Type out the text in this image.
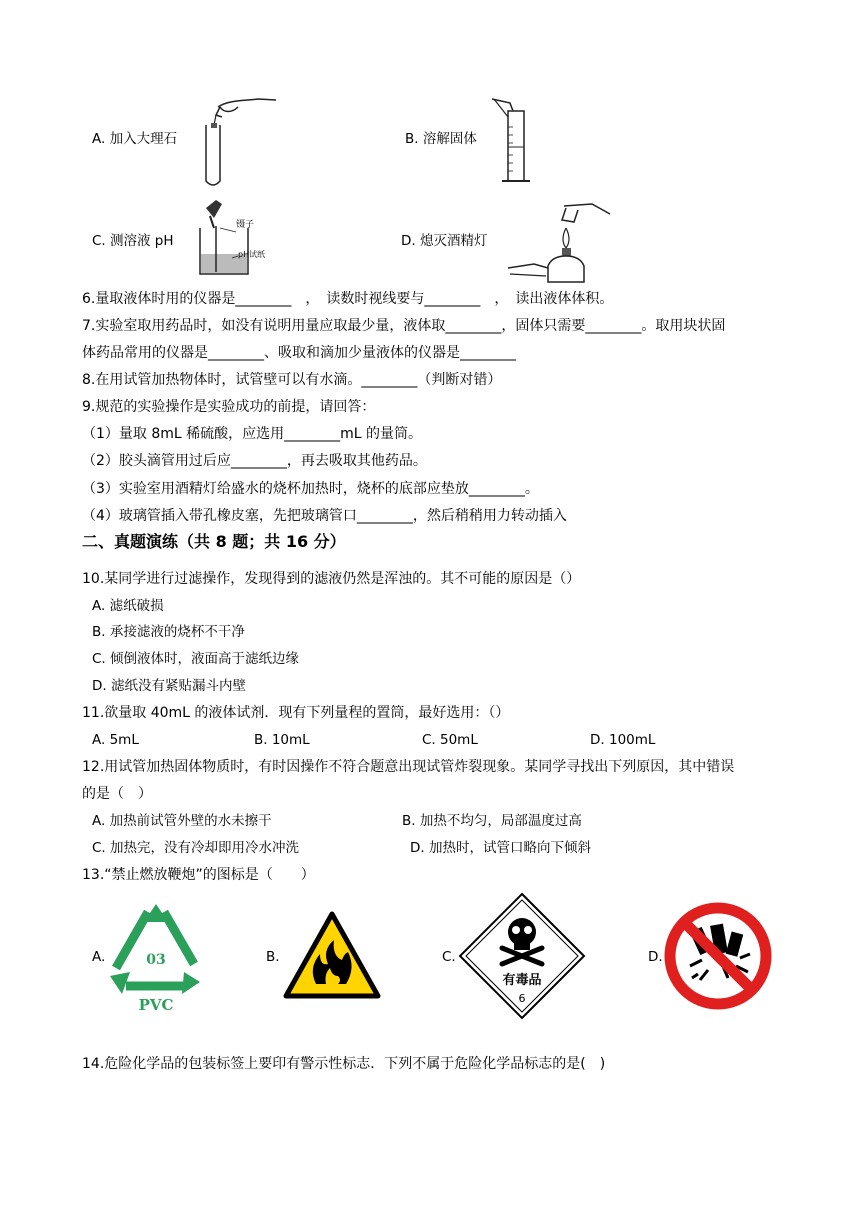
A. 加入大理石	B. 溶解固体
C. 测溶液 pH
镊子
pH试纸
D. 熄灭酒精灯
6.量取液体时用的仪器是________　，　读数时视线要与________　，　读出液体体积。
7.实验室取用药品时，如没有说明用量应取最少量，液体取________，固体只需要________。取用块状固
体药品常用的仪器是________、吸取和滴加少量液体的仪器是________
8.在用试管加热物体时，试管壁可以有水滴。________（判断对错）
9.规范的实验操作是实验成功的前提，请回答：
（1）量取 8mL 稀硫酸，应选用________mL 的量筒。
（2）胶头滴管用过后应________，再去吸取其他药品。
（3）实验室用酒精灯给盛水的烧杯加热时，烧杯的底部应垫放________。
（4）玻璃管插入带孔橡皮塞，先把玻璃管口________，然后稍稍用力转动插入
二、真题演练（共 8 题；共 16 分）
10.某同学进行过滤操作，发现得到的滤液仍然是浑浊的。其不可能的原因是（）
A. 滤纸破损
B. 承接滤液的烧杯不干净
C. 倾倒液体时，液面高于滤纸边缘
D. 滤纸没有紧贴漏斗内壁
11.欲量取 40mL 的液体试剂．现有下列量程的置筒，最好选用：（）
A. 5mL	B. 10mL	C. 50mL	D. 100mL
12.用试管加热固体物质时，有时因操作不符合题意出现试管炸裂现象。某同学寻找出下列原因，其中错误
的是（　）
A. 加热前试管外壁的水未擦干	B. 加热不均匀，局部温度过高
C. 加热完，没有冷却即用冷水冲洗	D. 加热时，试管口略向下倾斜
13.“禁止燃放鞭炮”的图标是（　　）
A.	03
PVC
B.	C.
有毒品
6
D.
14.危险化学品的包装标签上要印有警示性标志．下列不属于危险化学品标志的是(　)
